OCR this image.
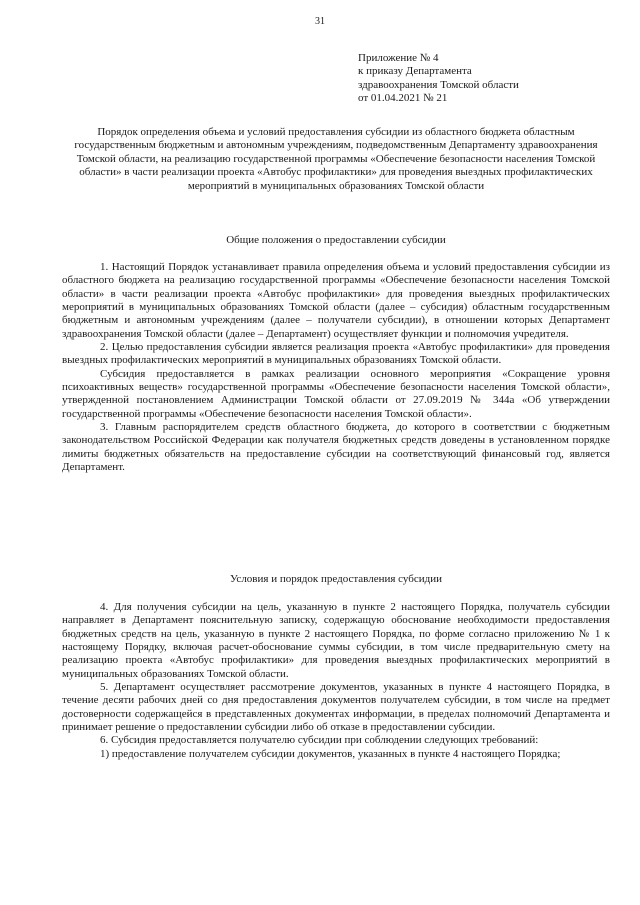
31
Приложение № 4
к приказу Департамента
здравоохранения Томской области
от 01.04.2021 № 21
Порядок определения объема и условий предоставления субсидии из областного бюджета областным государственным бюджетным и автономным учреждениям, подведомственным Департаменту здравоохранения Томской области, на реализацию государственной программы «Обеспечение безопасности населения Томской области» в части реализации проекта «Автобус профилактики» для проведения выездных профилактических мероприятий в муниципальных образованиях Томской области
Общие положения о предоставлении субсидии

1. Настоящий Порядок устанавливает правила определения объема и условий предоставления субсидии из областного бюджета на реализацию государственной программы «Обеспечение безопасности населения Томской области» в части реализации проекта «Автобус профилактики» для проведения выездных профилактических мероприятий в муниципальных образованиях Томской области (далее – субсидия) областным государственным бюджетным и автономным учреждениям (далее – получатели субсидии), в отношении которых Департамент здравоохранения Томской области (далее – Департамент) осуществляет функции и полномочия учредителя.

2. Целью предоставления субсидии является реализация проекта «Автобус профилактики» для проведения выездных профилактических мероприятий в муниципальных образованиях Томской области.

Субсидия предоставляется в рамках реализации основного мероприятия «Сокращение уровня психоактивных веществ» государственной программы «Обеспечение безопасности населения Томской области», утвержденной постановлением Администрации Томской области от 27.09.2019 № 344а «Об утверждении государственной программы «Обеспечение безопасности населения Томской области».

3. Главным распорядителем средств областного бюджета, до которого в соответствии с бюджетным законодательством Российской Федерации как получателя бюджетных средств доведены в установленном порядке лимиты бюджетных обязательств на предоставление субсидии на соответствующий финансовый год, является Департамент.

Условия и порядок предоставления субсидии

4. Для получения субсидии на цель, указанную в пункте 2 настоящего Порядка, получатель субсидии направляет в Департамент пояснительную записку, содержащую обоснование необходимости предоставления бюджетных средств на цель, указанную в пункте 2 настоящего Порядка, по форме согласно приложению № 1 к настоящему Порядку, включая расчет-обоснование суммы субсидии, в том числе предварительную смету на реализацию проекта «Автобус профилактики» для проведения выездных профилактических мероприятий в муниципальных образованиях Томской области.

5. Департамент осуществляет рассмотрение документов, указанных в пункте 4 настоящего Порядка, в течение десяти рабочих дней со дня предоставления документов получателем субсидии, в том числе на предмет достоверности содержащейся в представленных документах информации, в пределах полномочий Департамента и принимает решение о предоставлении субсидии либо об отказе в предоставлении субсидии.

6. Субсидия предоставляется получателю субсидии при соблюдении следующих требований:

1) предоставление получателем субсидии документов, указанных в пункте 4 настоящего Порядка;
